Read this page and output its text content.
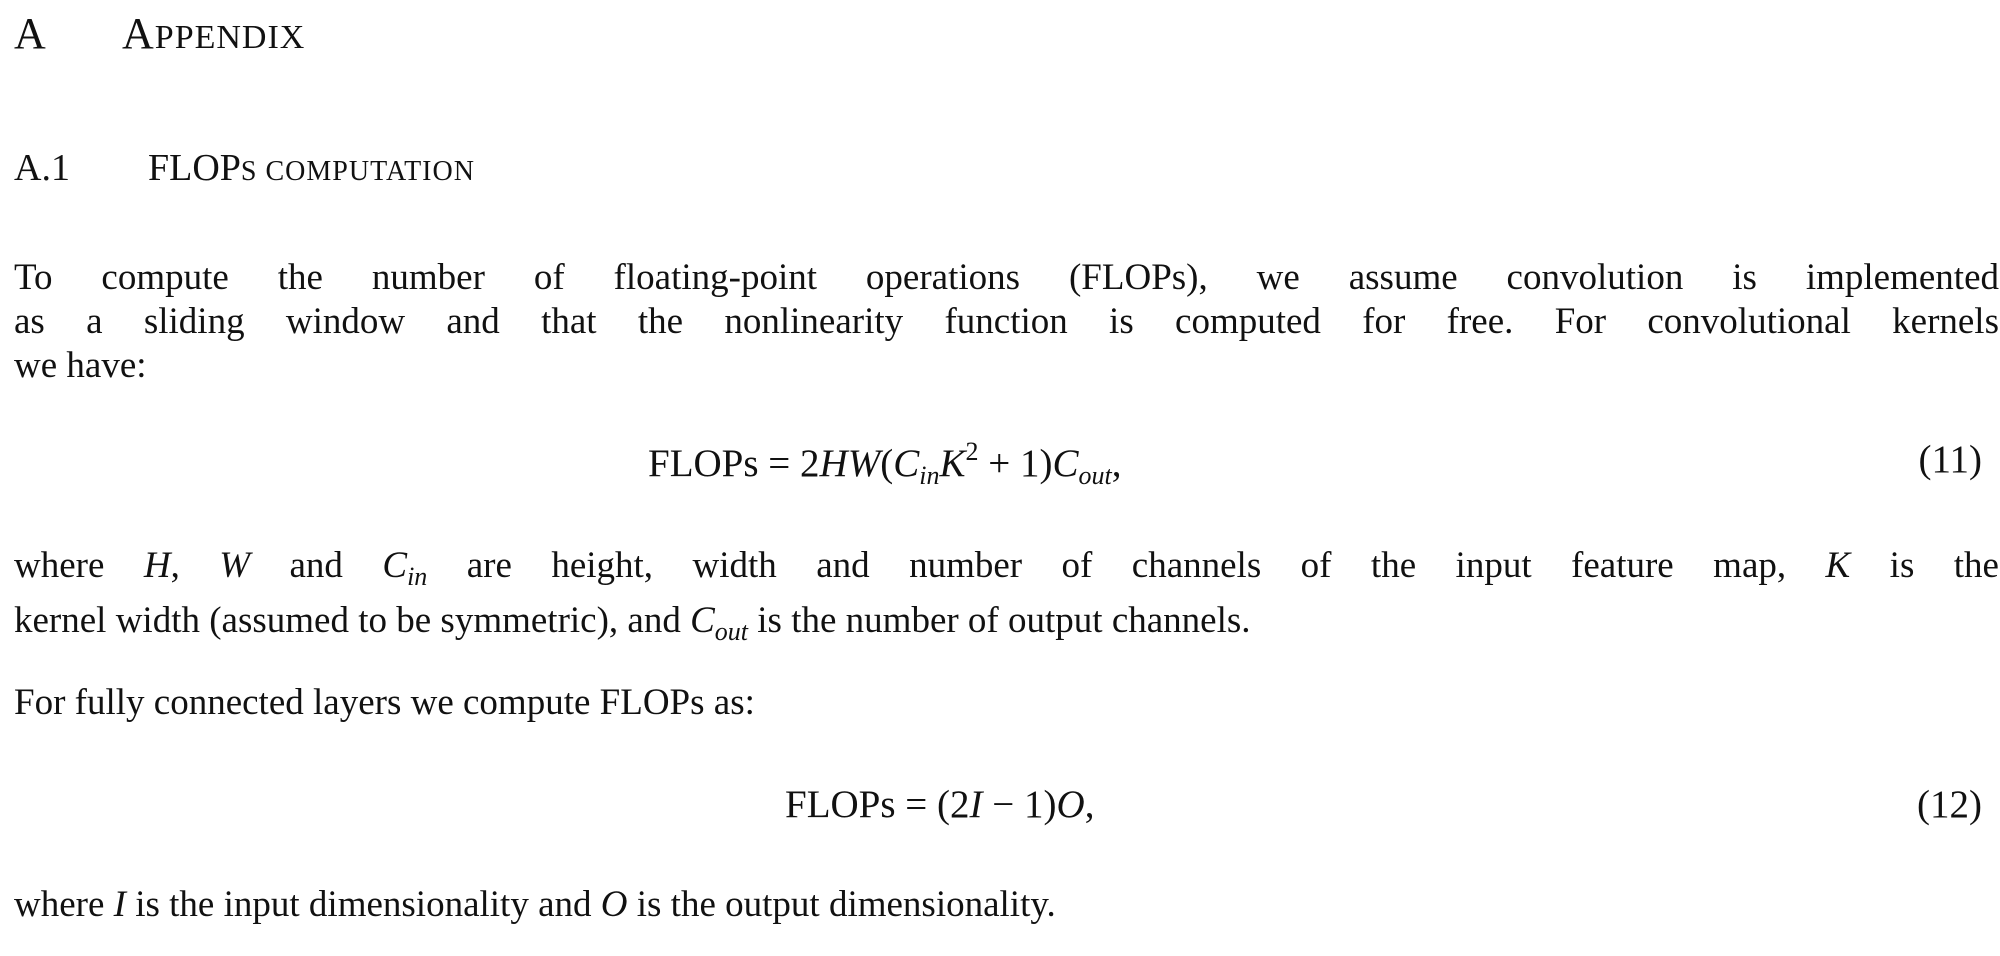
A APPENDIX
A.1 FLOPS COMPUTATION
To compute the number of floating-point operations (FLOPs), we assume convolution is implemented
as a sliding window and that the nonlinearity function is computed for free. For convolutional kernels
we have:
FLOPs = $2HW(C_{in}K^2 + 1)C_{out}$,	(11)
where H, W and $C_{in}$ are height, width and number of channels of the input feature map, K is the
kernel width (assumed to be symmetric), and $C_{out}$ is the number of output channels.
For fully connected layers we compute FLOPs as:
FLOPs = (2I − 1)O,	(12)
where I is the input dimensionality and O is the output dimensionality.
